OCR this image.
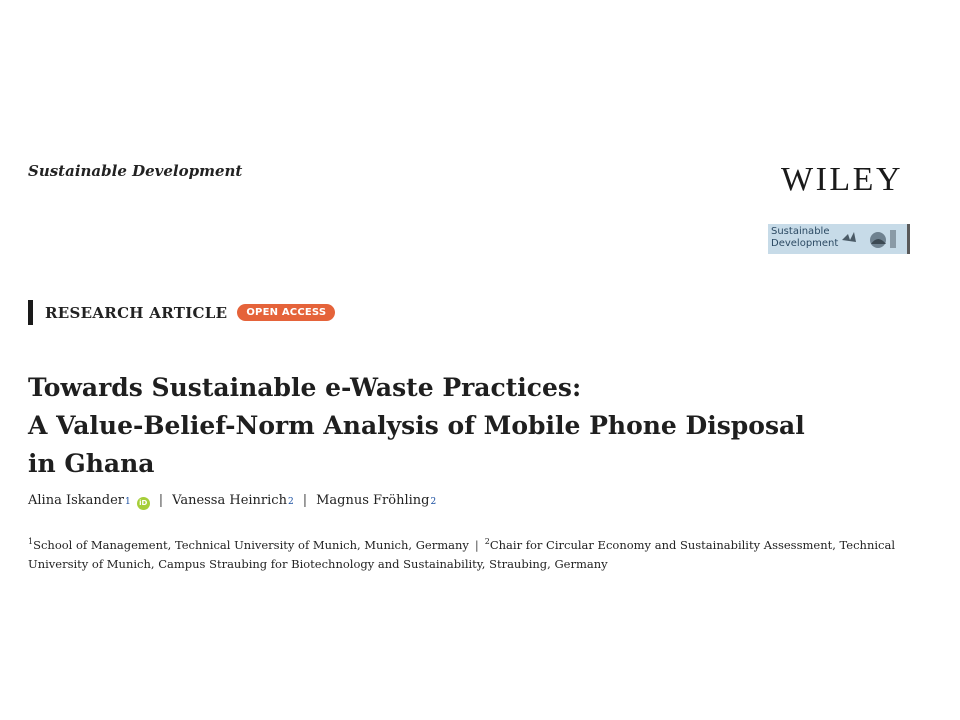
Sustainable Development	WILEY
Sustainable
Development
RESEARCH ARTICLE	OPEN ACCESS
Towards Sustainable e-Waste Practices:
A Value-Belief-Norm Analysis of Mobile Phone Disposal
in Ghana
Alina Iskander 1	iD | Vanessa Heinrich 2 | Magnus Fröhling 2
$^1$School of Management, Technical University of Munich, Munich, Germany | $^2$Chair for Circular Economy and Sustainability Assessment, Technical University of Munich, Campus Straubing for Biotechnology and Sustainability, Straubing, Germany
